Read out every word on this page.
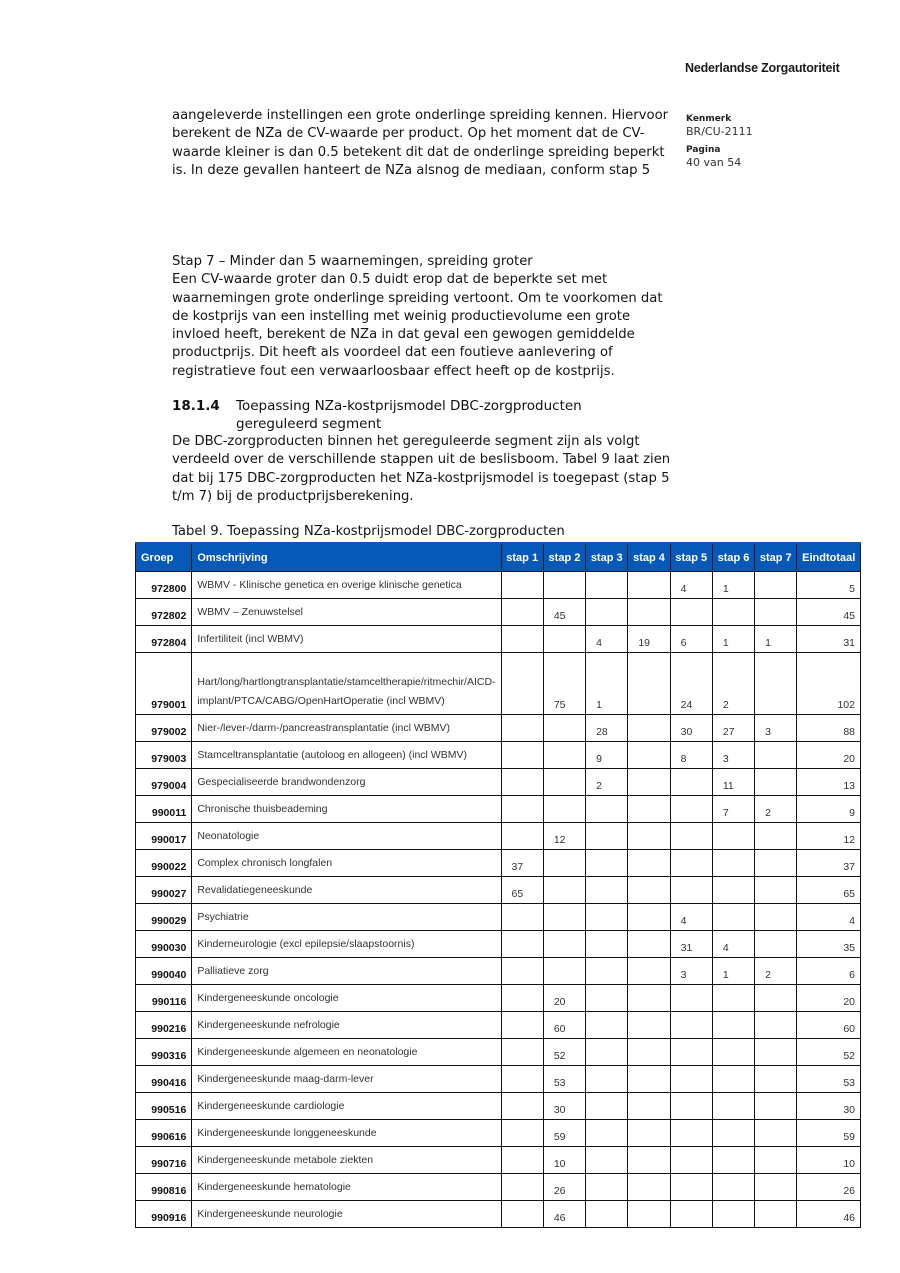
Nederlandse Zorgautoriteit
Kenmerk
BR/CU-2111
Pagina
40 van 54
aangeleverde instellingen een grote onderlinge spreiding kennen. Hiervoor berekent de NZa de CV-waarde per product. Op het moment dat de CV-waarde kleiner is dan 0.5 betekent dit dat de onderlinge spreiding beperkt is. In deze gevallen hanteert de NZa alsnog de mediaan, conform stap 5
Stap 7 – Minder dan 5 waarnemingen, spreiding groter
Een CV-waarde groter dan 0.5 duidt erop dat de beperkte set met waarnemingen grote onderlinge spreiding vertoont. Om te voorkomen dat de kostprijs van een instelling met weinig productievolume een grote invloed heeft, berekent de NZa in dat geval een gewogen gemiddelde productprijs. Dit heeft als voordeel dat een foutieve aanlevering of registratieve fout een verwaarloosbaar effect heeft op de kostprijs.
18.1.4 Toepassing NZa-kostprijsmodel DBC-zorgproducten
gereguleerd segment
De DBC-zorgproducten binnen het gereguleerde segment zijn als volgt verdeeld over de verschillende stappen uit de beslisboom. Tabel 9 laat zien dat bij 175 DBC-zorgproducten het NZa-kostprijsmodel is toegepast (stap 5 t/m 7) bij de productprijsberekening.
Tabel 9. Toepassing NZa-kostprijsmodel DBC-zorgproducten
Groep	Omschrijving	stap 1	stap 2	stap 3	stap 4	stap 5	stap 6	stap 7	Eindtotaal
972800	WBMV - Klinische genetica en overige klinische genetica					4	1		5
972802	WBMV – Zenuwstelsel		45						45
972804	Infertiliteit (incl WBMV)			4	19	6	1	1	31
979001	Hart/long/hartlongtransplantatie/stamceltherapie/ritmechir/AICD-implant/PTCA/CABG/OpenHartOperatie (incl WBMV)		75	1		24	2		102
979002	Nier-/lever-/darm-/pancreastransplantatie (incl WBMV)			28		30	27	3	88
979003	Stamceltransplantatie (autoloog en allogeen) (incl WBMV)			9		8	3		20
979004	Gespecialiseerde brandwondenzorg			2			11		13
990011	Chronische thuisbeademing						7	2	9
990017	Neonatologie		12						12
990022	Complex chronisch longfalen	37							37
990027	Revalidatiegeneeskunde	65							65
990029	Psychiatrie					4			4
990030	Kinderneurologie (excl epilepsie/slaapstoornis)					31	4		35
990040	Palliatieve zorg					3	1	2	6
990116	Kindergeneeskunde oncologie		20						20
990216	Kindergeneeskunde nefrologie		60						60
990316	Kindergeneeskunde algemeen en neonatologie		52						52
990416	Kindergeneeskunde maag-darm-lever		53						53
990516	Kindergeneeskunde cardiologie		30						30
990616	Kindergeneeskunde longgeneeskunde		59						59
990716	Kindergeneeskunde metabole ziekten		10						10
990816	Kindergeneeskunde hematologie		26						26
990916	Kindergeneeskunde neurologie		46						46
